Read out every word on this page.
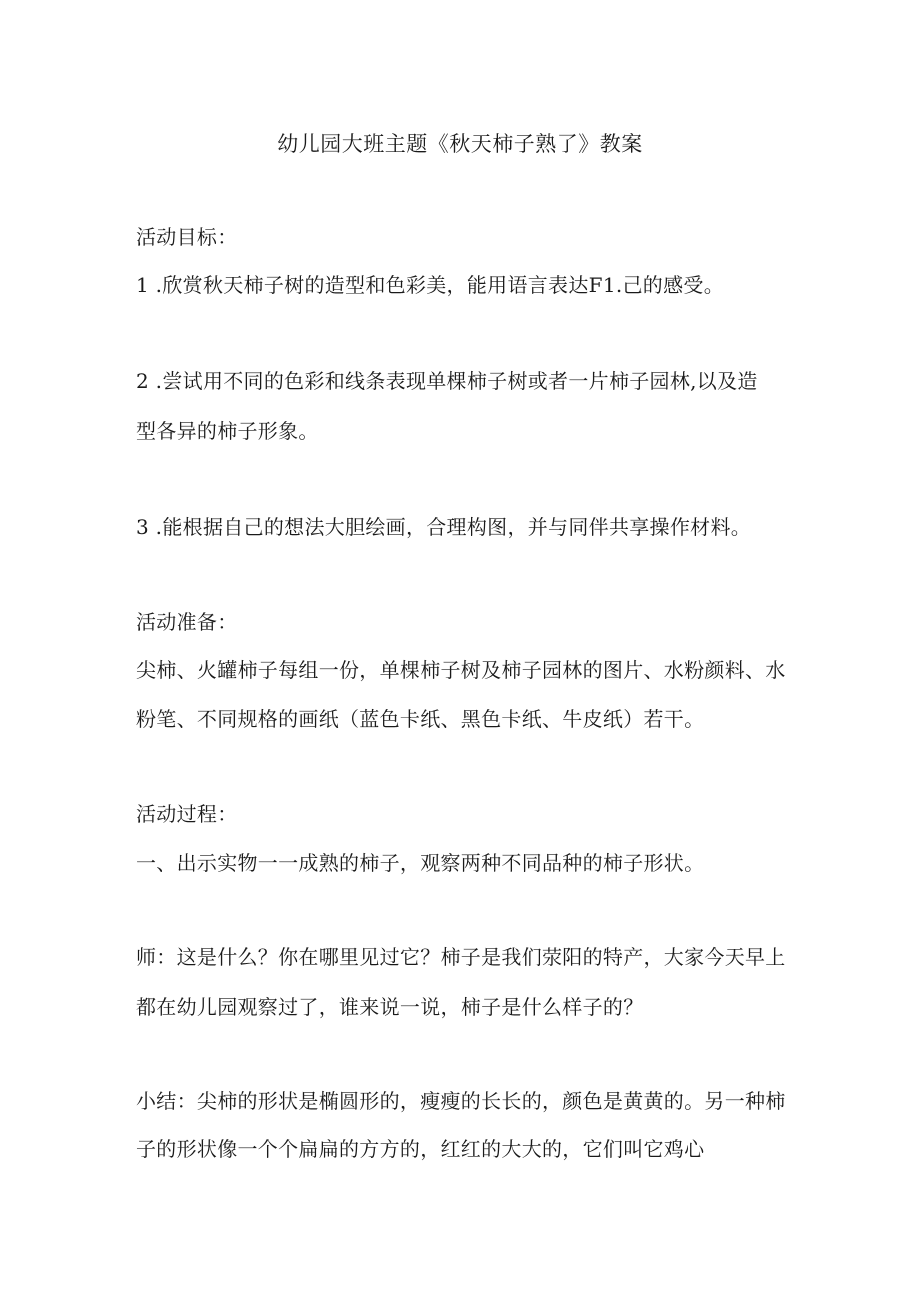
幼儿园大班主题《秋天柿子熟了》教案
活动目标：
1 .欣赏秋天柿子树的造型和色彩美，能用语言表达F1.己的感受。
2 .尝试用不同的色彩和线条表现单棵柿子树或者一片柿子园林,以及造
型各异的柿子形象。
3 .能根据自己的想法大胆绘画，合理构图，并与同伴共享操作材料。
活动准备：
尖柿、火罐柿子每组一份，单棵柿子树及柿子园林的图片、水粉颜料、水
粉笔、不同规格的画纸（蓝色卡纸、黑色卡纸、牛皮纸）若干。
活动过程：
一、出示实物一一成熟的柿子，观察两种不同品种的柿子形状。
师：这是什么？你在哪里见过它？柿子是我们荥阳的特产，大家今天早上
都在幼儿园观察过了，谁来说一说，柿子是什么样子的？
小结：尖柿的形状是椭圆形的，瘦瘦的长长的，颜色是黄黄的。另一种柿
子的形状像一个个扁扁的方方的，红红的大大的，它们叫它鸡心
